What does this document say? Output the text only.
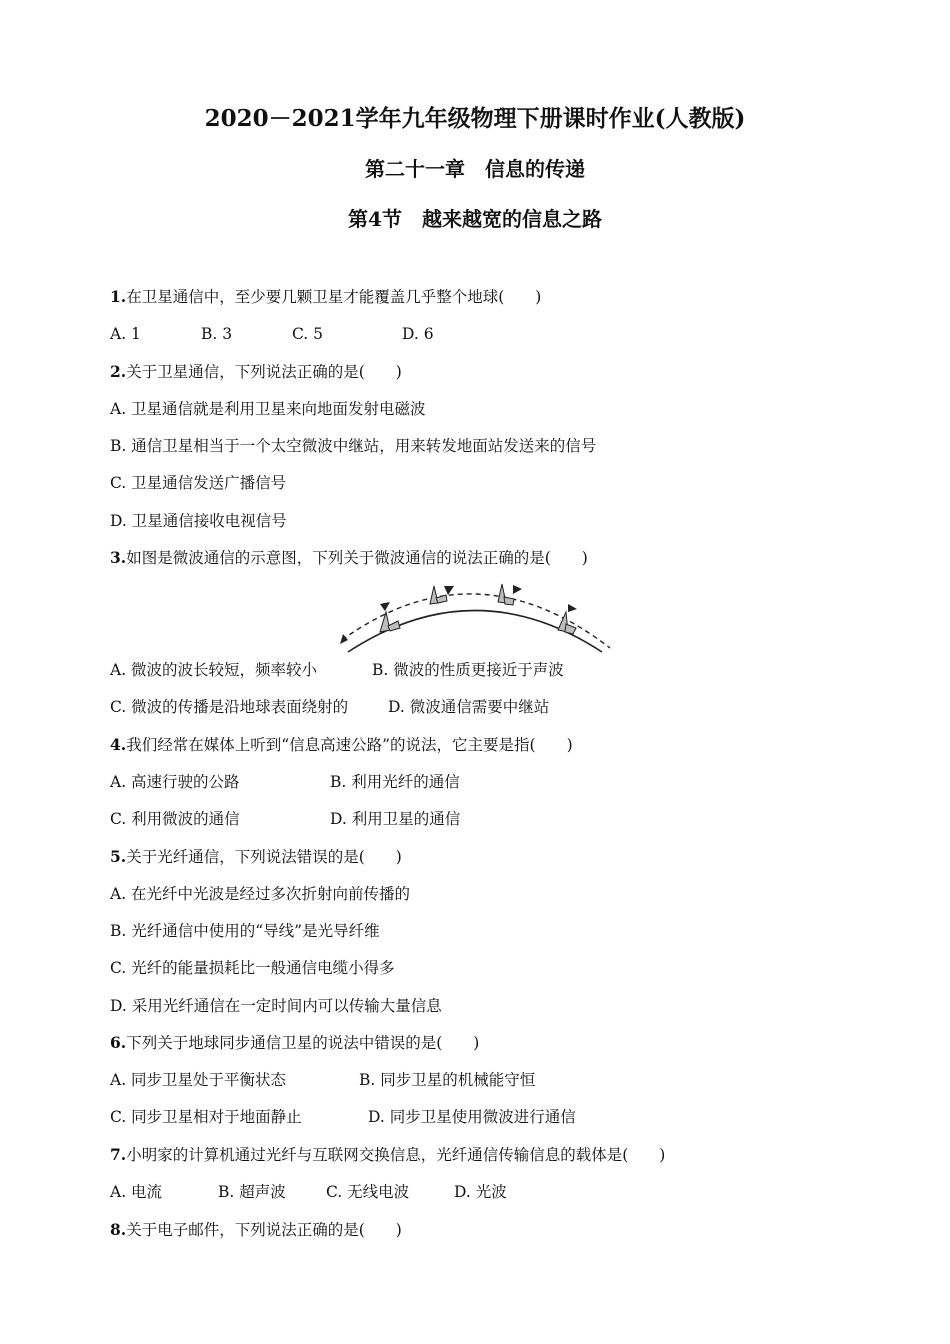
2020－2021学年九年级物理下册课时作业(人教版)
第二十一章　信息的传递
第4节　越来越宽的信息之路
1.在卫星通信中，至少要几颗卫星才能覆盖几乎整个地球(　　)
A. 1	B. 3	C. 5	D. 6
2.关于卫星通信，下列说法正确的是(　　)
A. 卫星通信就是利用卫星来向地面发射电磁波
B. 通信卫星相当于一个太空微波中继站，用来转发地面站发送来的信号
C. 卫星通信发送广播信号
D. 卫星通信接收电视信号
3.如图是微波通信的示意图，下列关于微波通信的说法正确的是(　　)
A. 微波的波长较短，频率较小	B. 微波的性质更接近于声波
C. 微波的传播是沿地球表面绕射的	D. 微波通信需要中继站
4.我们经常在媒体上听到“信息高速公路”的说法，它主要是指(　　)
A. 高速行驶的公路	B. 利用光纤的通信
C. 利用微波的通信	D. 利用卫星的通信
5.关于光纤通信，下列说法错误的是(　　)
A. 在光纤中光波是经过多次折射向前传播的
B. 光纤通信中使用的“导线”是光导纤维
C. 光纤的能量损耗比一般通信电缆小得多
D. 采用光纤通信在一定时间内可以传输大量信息
6.下列关于地球同步通信卫星的说法中错误的是(　　)
A. 同步卫星处于平衡状态	B. 同步卫星的机械能守恒
C. 同步卫星相对于地面静止	D. 同步卫星使用微波进行通信
7.小明家的计算机通过光纤与互联网交换信息，光纤通信传输信息的载体是(　　)
A. 电流	B. 超声波	C. 无线电波	D. 光波
8.关于电子邮件，下列说法正确的是(　　)
